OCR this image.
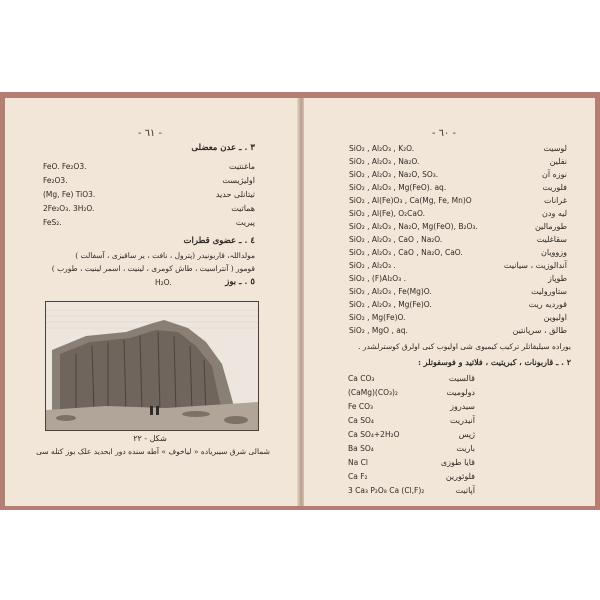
- ٦١ -
٣ . ـ عدن معضلی
ماغنتیت
FeO. Fe₂O3.
اولیژیست
Fe₂O3.
تیتانلی حدید
(Mg, Fe) TiO3.
هماتیت
2Fe₂O₃. 3H₂O.
پیریت
FeS₂.
٤ . ـ عضوی قطرات
مولداللہ، قاربونیدر (پترول ، نافت ، یر ساقیزی ، آسفالت )
قومور ( آنتراسیت ، طاش کومری ، لینیت ، اسمر لینیت ، طورب )
٥ . ـ بوز
H₂O.
شکل - ٢٢
شمالی شرق سیبریاده « لیاخوف » آطه سنده دور ابحدید علک بوز کتله سی
- ٦٠ -
لوسیت
SiO₂ , Al₂O₃ , K₂O.
نفلین
SiO₂ , Al₂O₃ , Na₂O.
نوزه آن
SiO₂ , Al₂O₃ , Na₂O, SO₃.
فلوریت
SiO₂ , Al₂O₃ , Mg(FeO). aq.
غرانات
SiO₂ , Al(Fe)O₃ , Ca(Mg, Fe, Mn)O
لیه ودن
SiO₂ , Al(Fe), O₂CaO.
طورمالین
SiO₂ , Al₂O₃ , Na₂O, Mg(FeO), B₂O₃.
سقاغلیت
SiO₂ , Al₂O₃ , CaO , Na₂O.
وزوویان
SiO₂ , Al₂O₃ , CaO , Na₂O, CaO.
آندالوزیت ، سیانیت
SiO₂ , Al₂O₃ .
طوپاز
SiO₂ , (F)Al₂O₃ .
ستاوروليت
SiO₂ , Al₂O₃ , Fe(Mg)O.
قوردیه ریت
SiO₂ , Al₂O₃ , Mg(Fe)O.
اولیوین
SiO₂ , Mg(Fe)O.
طالق ، سرپانتین
SiO₂ , MgO , aq.
یوراده سیلیقاتلر ترکیب کیمیوی شی اولیوب کبی اولرق کوسترلشدر .
٢ . ـ قاربونات ، کبریتیت ، فلاتید و فوسفوتلر :
قالسیت
Ca CO₃
دولومیت
(CaMg)(CO₃)₂
سیدروز
Fe CO₃
آنیدریت
Ca SO₄
ژپس
Ca SO₄+2H₂O
باریت
Ba SO₄
قایا طوزی
Na Cl
فلوئورین
Ca F₂
آپاتیت
3 Ca₃ P₂O₈ Ca (Cl,F)₂
